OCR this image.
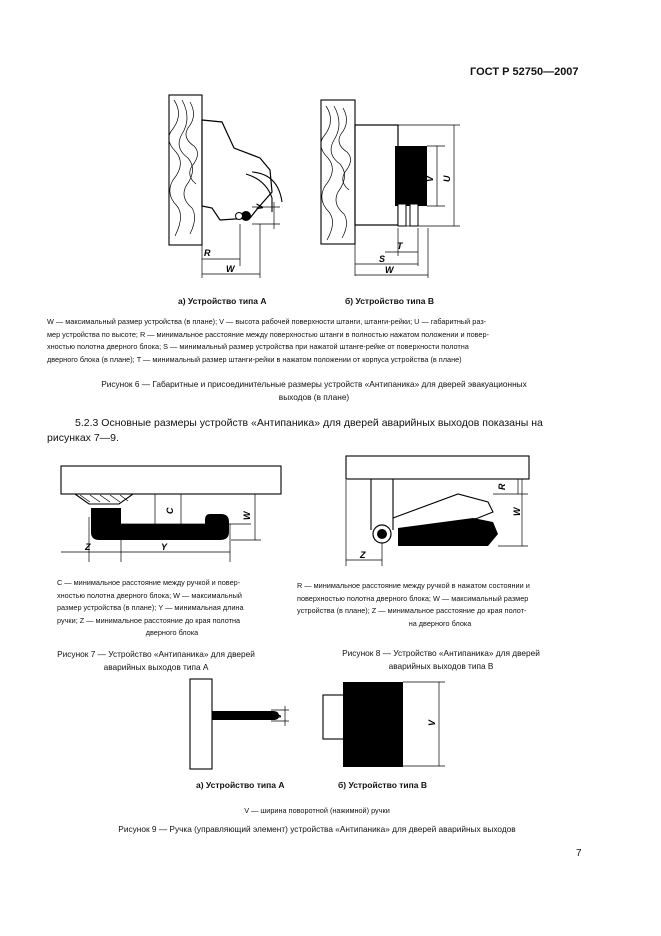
ГОСТ Р 52750—2007
V
R
W
V U
T
S
W
а) Устройство типа А	б) Устройство типа В
W — максимальный размер устройства (в плане); V — высота рабочей поверхности штанги, штанги-рейки; U — габаритный раз-
мер устройства по высоте; R — минимальное расстояние между поверхностью штанги в полностью нажатом положении и повер-
хностью полотна дверного блока; S — минимальный размер устройства при нажатой штанге-рейке от поверхности полотна
дверного блока (в плане); T — минимальный размер штанги-рейки в нажатом положении от корпуса устройства (в плане)
Рисунок 6 — Габаритные и присоединительные размеры устройств «Антипаника» для дверей эвакуационных
выходов (в плане)
5.2.3 Основные размеры устройств «Антипаника» для дверей аварийных выходов показаны на
рисунках 7—9.
Z	Y
C
W
C — минимальное расстояние между ручкой и повер-
хностью полотна дверного блока; W — максимальный
размер устройства (в плане); Y — минимальная длина
ручки; Z — минимальное расстояние до края полотна
дверного блока
Рисунок 7 — Устройство «Антипаника» для дверей
аварийных выходов типа А
R
W
Z
R — минимальное расстояние между ручкой в нажатом состоянии и
поверхностью полотна дверного блока; W — максимальный размер
устройства (в плане); Z — минимальное расстояние до края полот-
на дверного блока
Рисунок 8 — Устройство «Антипаника» для дверей
аварийных выходов типа В
V
V
а) Устройство типа А	б) Устройство типа В
V — ширина поворотной (нажимной) ручки
Рисунок 9 — Ручка (управляющий элемент) устройства «Антипаника» для дверей аварийных выходов
7
